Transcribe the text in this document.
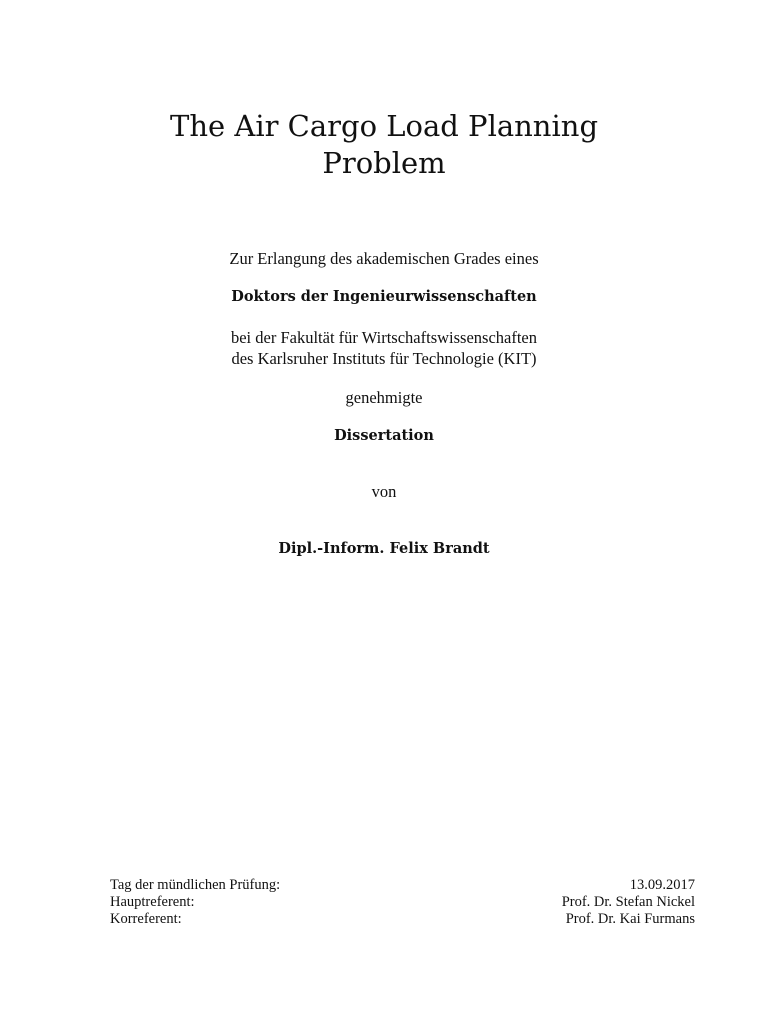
The Air Cargo Load Planning
Problem
Zur Erlangung des akademischen Grades eines
Doktors der Ingenieurwissenschaften
bei der Fakultät für Wirtschaftswissenschaften
des Karlsruher Instituts für Technologie (KIT)
genehmigte
Dissertation
von
Dipl.-Inform. Felix Brandt
Tag der mündlichen Prüfung:	13.09.2017
Hauptreferent:	Prof. Dr. Stefan Nickel
Korreferent:	Prof. Dr. Kai Furmans
